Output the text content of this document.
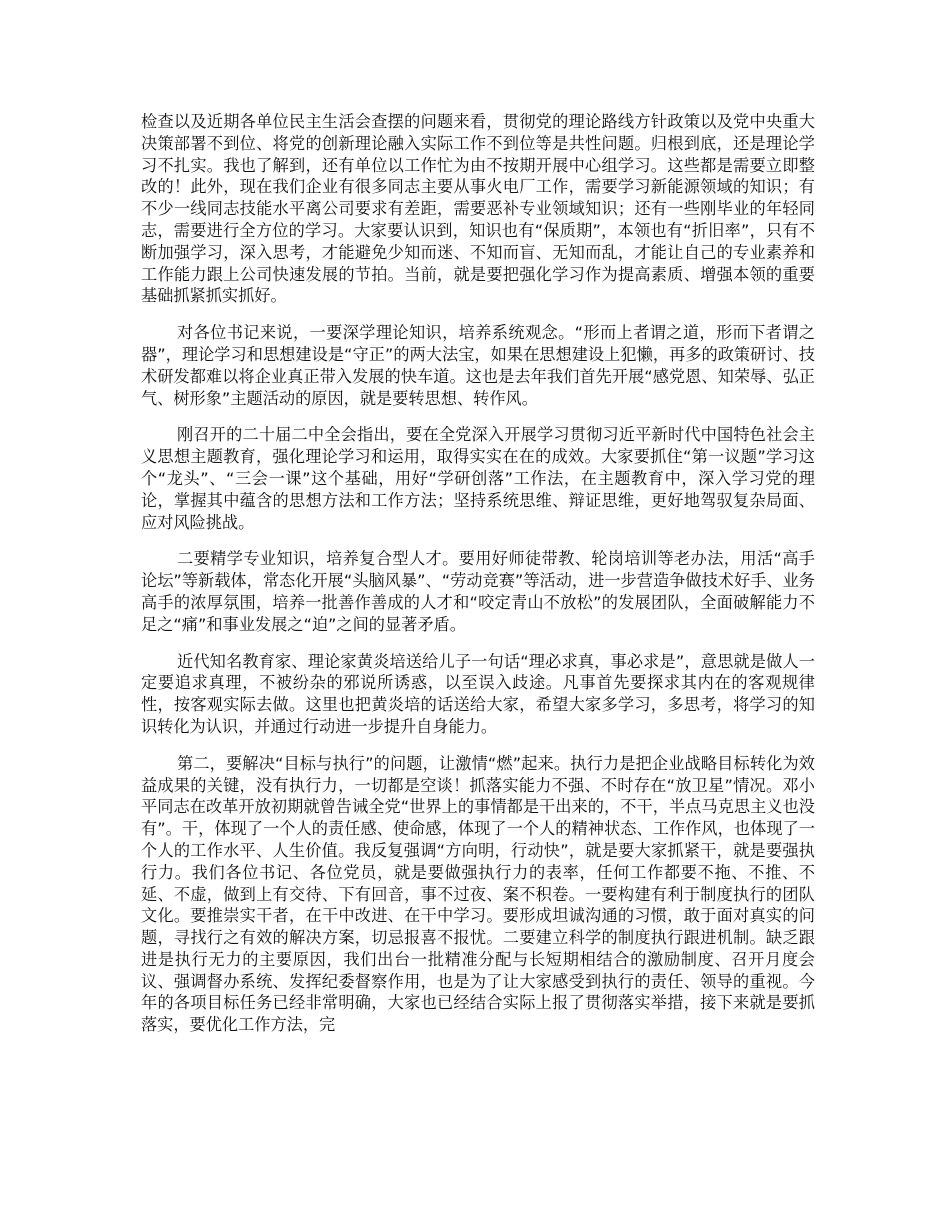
检查以及近期各单位民主生活会查摆的问题来看，贯彻党的理论路线方针政策以及党中央重大决策部署不到位、将党的创新理论融入实际工作不到位等是共性问题。归根到底，还是理论学习不扎实。我也了解到，还有单位以工作忙为由不按期开展中心组学习。这些都是需要立即整改的！此外，现在我们企业有很多同志主要从事火电厂工作，需要学习新能源领域的知识；有不少一线同志技能水平离公司要求有差距，需要恶补专业领域知识；还有一些刚毕业的年轻同志，需要进行全方位的学习。大家要认识到，知识也有“保质期”，本领也有“折旧率”，只有不断加强学习，深入思考，才能避免少知而迷、不知而盲、无知而乱，才能让自己的专业素养和工作能力跟上公司快速发展的节拍。当前，就是要把强化学习作为提高素质、增强本领的重要基础抓紧抓实抓好。

对各位书记来说，一要深学理论知识，培养系统观念。“形而上者谓之道，形而下者谓之器”，理论学习和思想建设是“守正”的两大法宝，如果在思想建设上犯懒，再多的政策研讨、技术研发都难以将企业真正带入发展的快车道。这也是去年我们首先开展“感党恩、知荣辱、弘正气、树形象”主题活动的原因，就是要转思想、转作风。

刚召开的二十届二中全会指出，要在全党深入开展学习贯彻习近平新时代中国特色社会主义思想主题教育，强化理论学习和运用，取得实实在在的成效。大家要抓住“第一议题”学习这个“龙头”、“三会一课”这个基础，用好“学研创落”工作法，在主题教育中，深入学习党的理论，掌握其中蕴含的思想方法和工作方法；坚持系统思维、辩证思维，更好地驾驭复杂局面、应对风险挑战。

二要精学专业知识，培养复合型人才。要用好师徒带教、轮岗培训等老办法，用活“高手论坛”等新载体，常态化开展“头脑风暴”、“劳动竞赛”等活动，进一步营造争做技术好手、业务高手的浓厚氛围，培养一批善作善成的人才和“咬定青山不放松”的发展团队，全面破解能力不足之“痛”和事业发展之“迫”之间的显著矛盾。

近代知名教育家、理论家黄炎培送给儿子一句话“理必求真，事必求是”，意思就是做人一定要追求真理，不被纷杂的邪说所诱惑，以至误入歧途。凡事首先要探求其内在的客观规律性，按客观实际去做。这里也把黄炎培的话送给大家，希望大家多学习，多思考，将学习的知识转化为认识，并通过行动进一步提升自身能力。

第二，要解决“目标与执行”的问题，让激情“燃”起来。执行力是把企业战略目标转化为效益成果的关键，没有执行力，一切都是空谈！抓落实能力不强、不时存在“放卫星”情况。邓小平同志在改革开放初期就曾告诫全党“世界上的事情都是干出来的，不干，半点马克思主义也没有”。干，体现了一个人的责任感、使命感，体现了一个人的精神状态、工作作风，也体现了一个人的工作水平、人生价值。我反复强调“方向明，行动快”，就是要大家抓紧干，就是要强执行力。我们各位书记、各位党员，就是要做强执行力的表率，任何工作都要不拖、不推、不延、不虚，做到上有交待、下有回音，事不过夜、案不积卷。一要构建有利于制度执行的团队文化。要推崇实干者，在干中改进、在干中学习。要形成坦诚沟通的习惯，敢于面对真实的问题，寻找行之有效的解决方案，切忌报喜不报忧。二要建立科学的制度执行跟进机制。缺乏跟进是执行无力的主要原因，我们出台一批精准分配与长短期相结合的激励制度、召开月度会议、强调督办系统、发挥纪委督察作用，也是为了让大家感受到执行的责任、领导的重视。今年的各项目标任务已经非常明确，大家也已经结合实际上报了贯彻落实举措，接下来就是要抓落实，要优化工作方法，完
